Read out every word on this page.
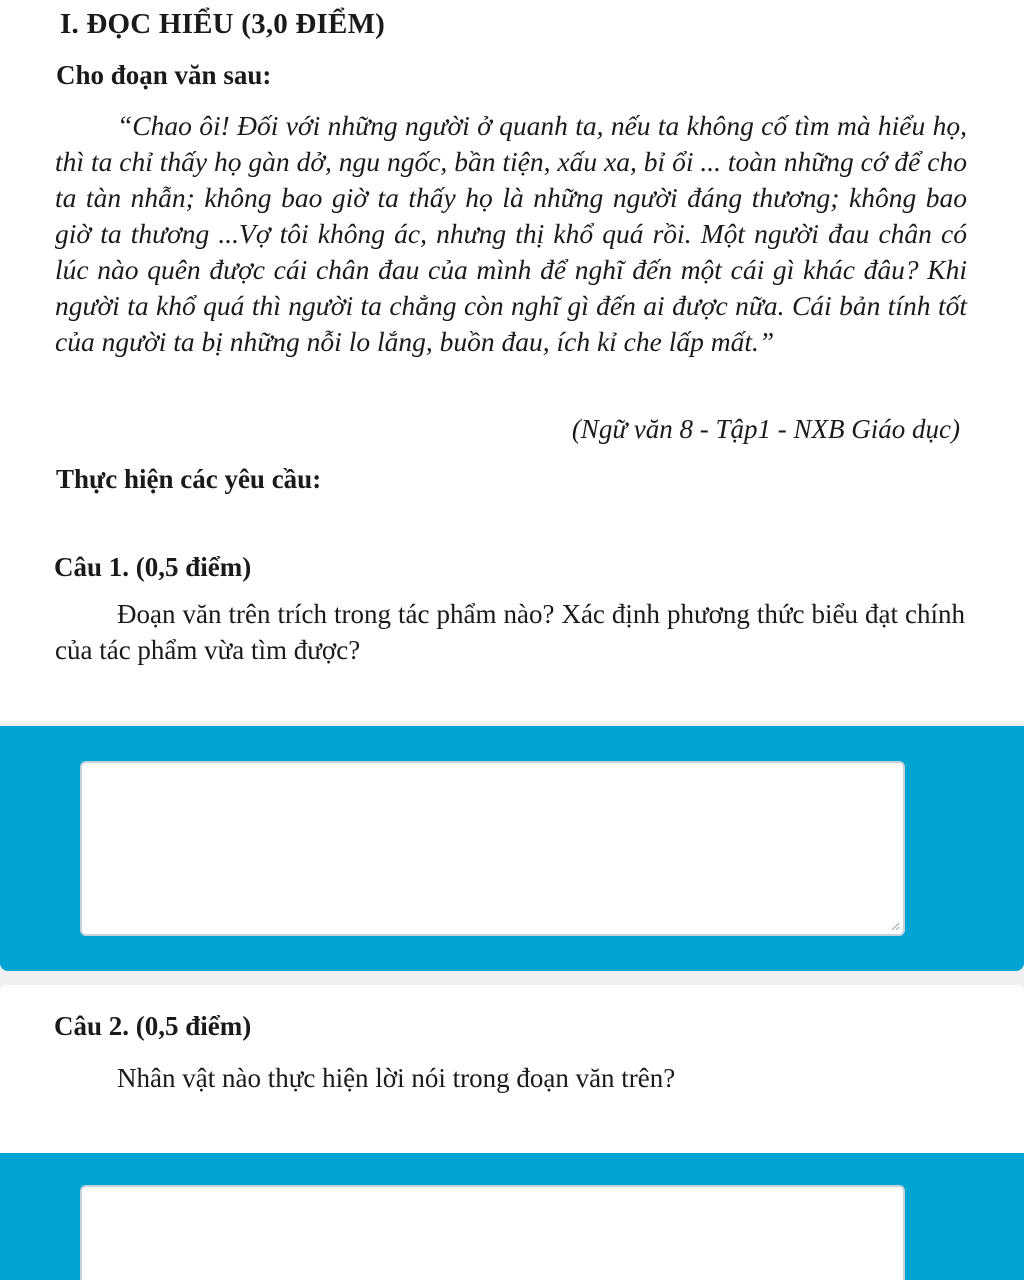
I. ĐỌC HIỂU (3,0 ĐIỂM)
Cho đoạn văn sau:

“Chao ôi! Đối với những người ở quanh ta, nếu ta không cố tìm mà hiểu họ, thì ta chỉ thấy họ gàn dở, ngu ngốc, bần tiện, xấu xa, bỉ ổi ... toàn những cớ để cho ta tàn nhẫn; không bao giờ ta thấy họ là những người đáng thương; không bao giờ ta thương ...Vợ tôi không ác, nhưng thị khổ quá rồi. Một người đau chân có lúc nào quên được cái chân đau của mình để nghĩ đến một cái gì khác đâu? Khi người ta khổ quá thì người ta chẳng còn nghĩ gì đến ai được nữa. Cái bản tính tốt của người ta bị những nỗi lo lắng, buồn đau, ích kỉ che lấp mất.”

(Ngữ văn 8 - Tập1 - NXB Giáo dục)
Thực hiện các yêu cầu:
Câu 1. (0,5 điểm)

Đoạn văn trên trích trong tác phẩm nào? Xác định phương thức biểu đạt chính của tác phẩm vừa tìm được?

Câu 2. (0,5 điểm)
Nhân vật nào thực hiện lời nói trong đoạn văn trên?
